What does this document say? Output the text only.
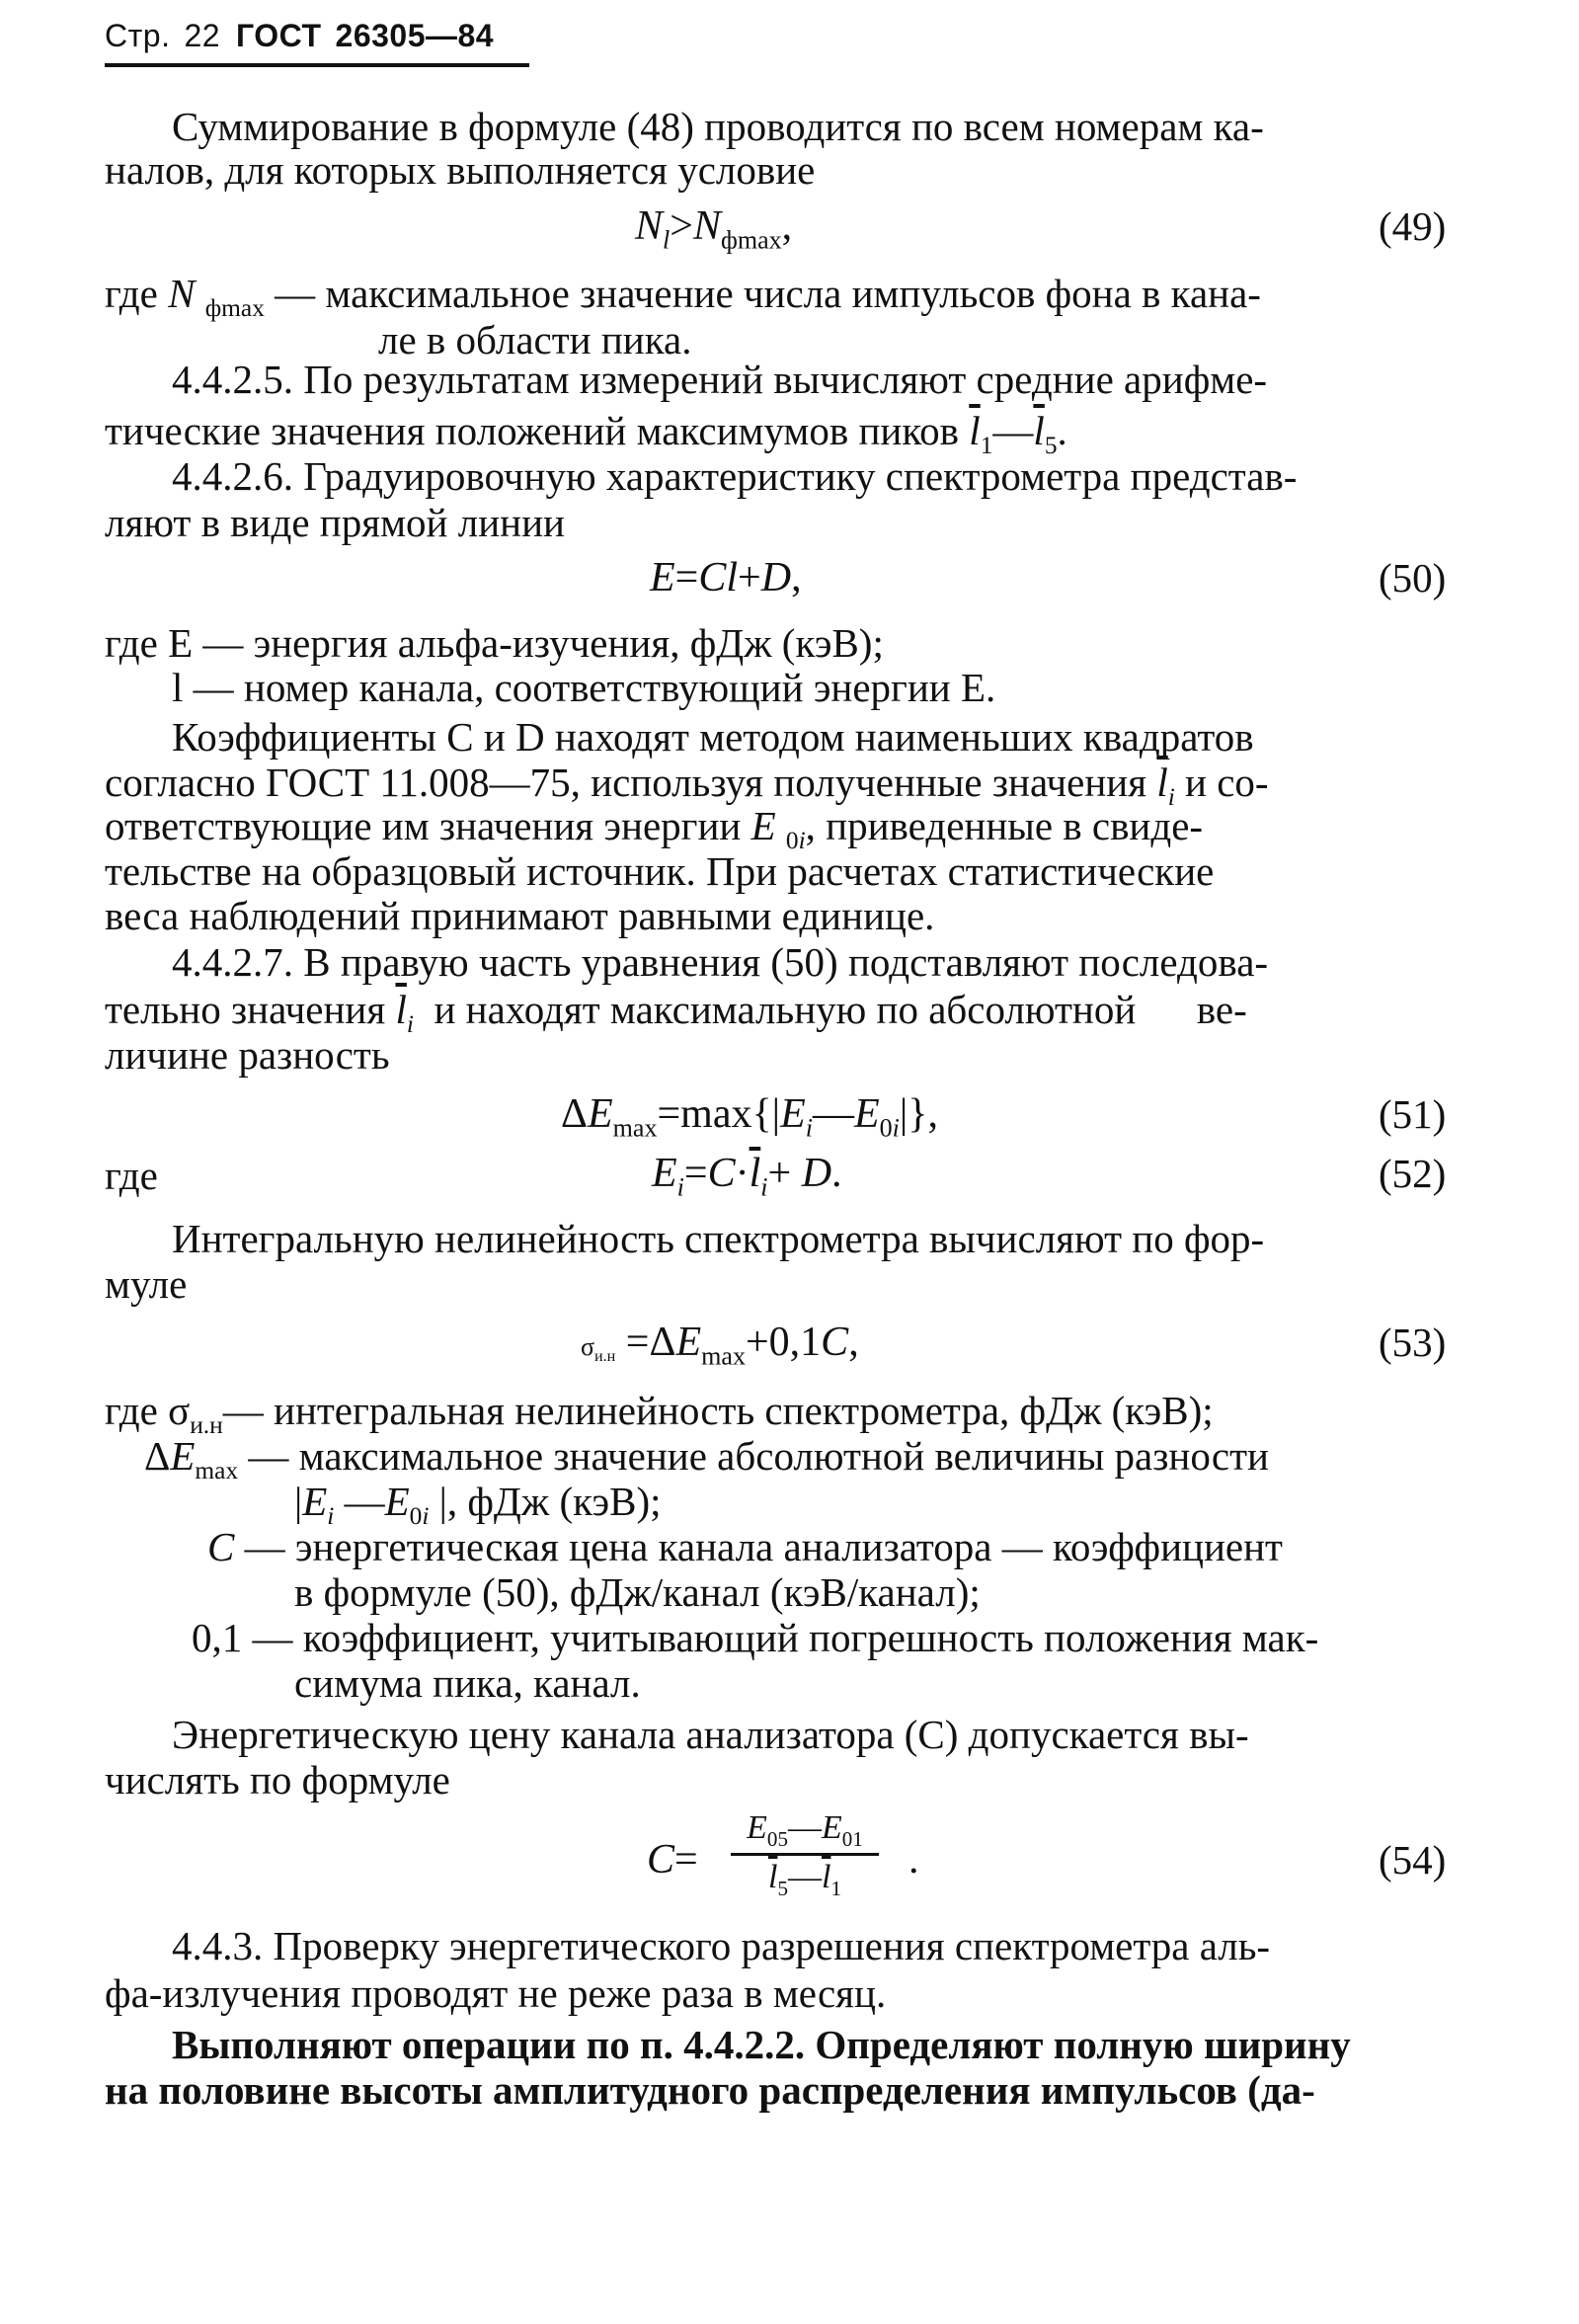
Стр. 22 ГОСТ 26305—84
Суммирование в формуле (48) проводится по всем номерам ка-
налов, для которых выполняется условие
$N_l>N_{фmax}$,	(49)
где N $_{фmax}$ — максимальное значение числа импульсов фона в кана-
ле в области пика.
4.4.2.5. По результатам измерений вычисляют средние арифме-
тические значения положений максимумов пиков $\overline{l}_1—\overline{l}_5$.
4.4.2.6. Градуировочную характеристику спектрометра представ-
ляют в виде прямой линии
E=Cl+D,	(50)
где E — энергия альфа-изучения, фДж (кэВ);
l — номер канала, соответствующий энергии E.
Коэффициенты C и D находят методом наименьших квадратов
согласно ГОСТ 11.008—75, используя полученные значения $\overline{l}_i$ и со-
ответствующие им значения энергии E $_{0i}$, приведенные в свиде-
тельстве на образцовый источник. При расчетах статистические
веса наблюдений принимают равными единице.
4.4.2.7. В правую часть уравнения (50) подставляют последова-
тельно значения $\overline{l}_i$ и находят максимальную по абсолютной ве-
личине разность
$\Delta E_{max}=\max\{|E_i—E_{0i}|\}$,	(51)
где	$E_i=C\cdot\overline{l}_i+ D$.	(52)
Интегральную нелинейность спектрометра вычисляют по фор-
муле
$\sigma_{и.н} =\Delta E_{max}+0,1C$,	(53)
где $\sigma_{и.н}—$ интегральная нелинейность спектрометра, фДж (кэВ);
$\Delta E_{max}$ — максимальное значение абсолютной величины разности
$|E_i$ $—E_{0i}$ |, фДж (кэВ);
C — энергетическая цена канала анализатора — коэффициент
в формуле (50), фДж/канал (кэВ/канал);
0,1 — коэффициент, учитывающий погрешность положения мак-
симума пика, канал.
Энергетическую цену канала анализатора (C) допускается вы-
числять по формуле
C=
$E_{05}—E_{01}$
$\overline{l}_5—\overline{l}_1$
.	(54)
4.4.3. Проверку энергетического разрешения спектрометра аль-
фа-излучения проводят не реже раза в месяц.
Выполняют операции по п. 4.4.2.2. Определяют полную ширину
на половине высоты амплитудного распределения импульсов (да-
